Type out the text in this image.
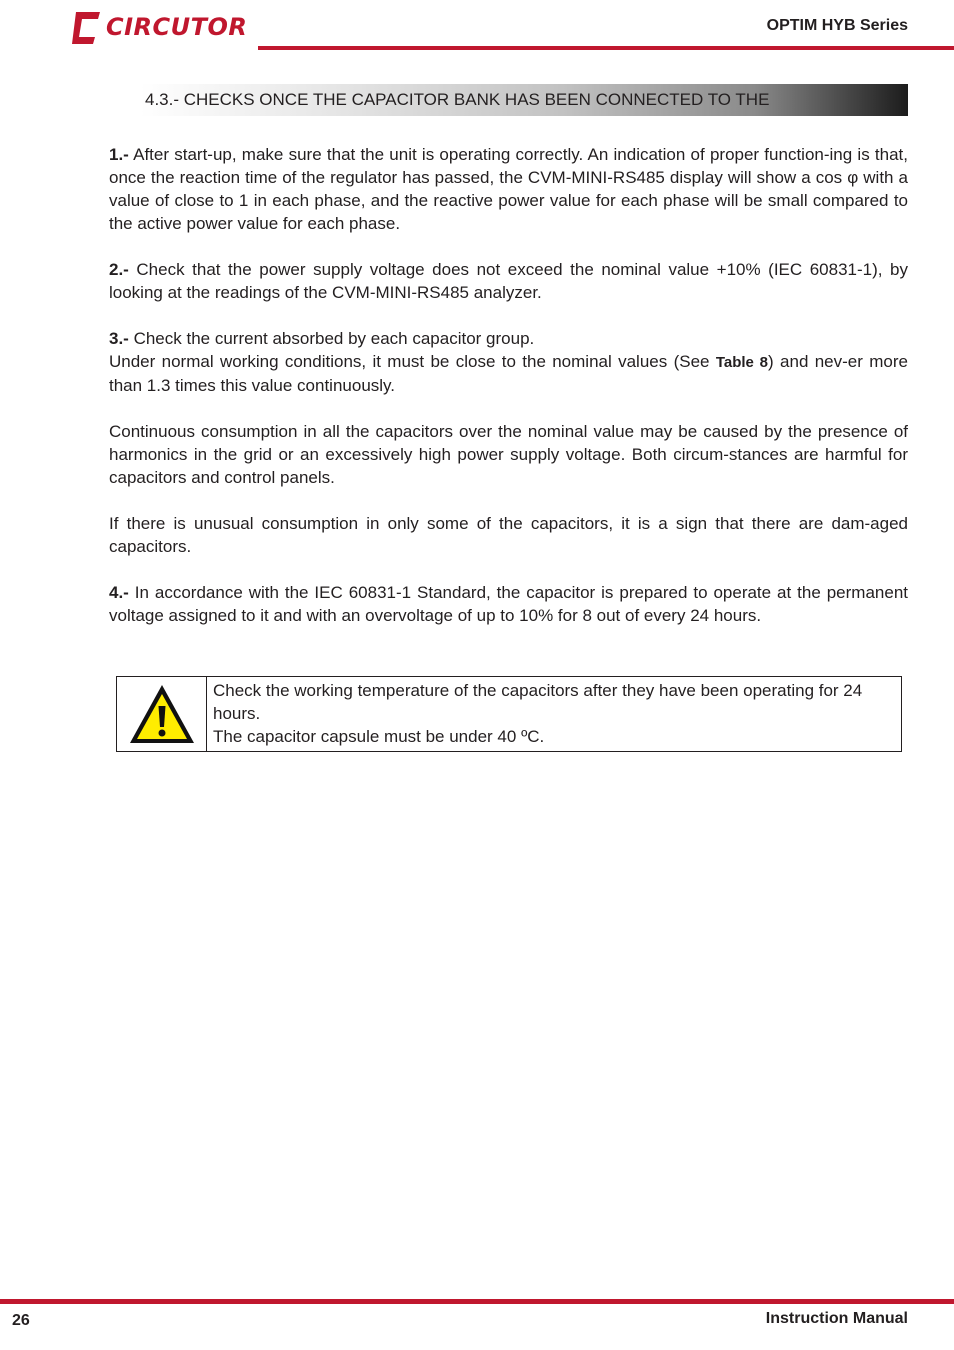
CIRCUTOR	OPTIM HYB Series
4.3.- CHECKS ONCE THE CAPACITOR BANK HAS BEEN CONNECTED TO THE

1.- After start-up, make sure that the unit is operating correctly. An indication of proper function-ing is that, once the reaction time of the regulator has passed, the CVM-MINI-RS485 display will show a cos φ with a value of close to 1 in each phase, and the reactive power value for each phase will be small compared to the active power value for each phase.

2.- Check that the power supply voltage does not exceed the nominal value +10% (IEC 60831-1), by looking at the readings of the CVM-MINI-RS485 analyzer.

3.- Check the current absorbed by each capacitor group.

Under normal working conditions, it must be close to the nominal values (See Table 8) and nev-er more than 1.3 times this value continuously.

Continuous consumption in all the capacitors over the nominal value may be caused by the presence of harmonics in the grid or an excessively high power supply voltage. Both circum-stances are harmful for capacitors and control panels.

If there is unusual consumption in only some of the capacitors, it is a sign that there are dam-aged capacitors.

4.- In accordance with the IEC 60831-1 Standard, the capacitor is prepared to operate at the permanent voltage assigned to it and with an overvoltage of up to 10% for 8 out of every 24 hours.

Check the working temperature of the capacitors after they have been operating for 24 hours.
The capacitor capsule must be under 40 ºC.
26	Instruction Manual
